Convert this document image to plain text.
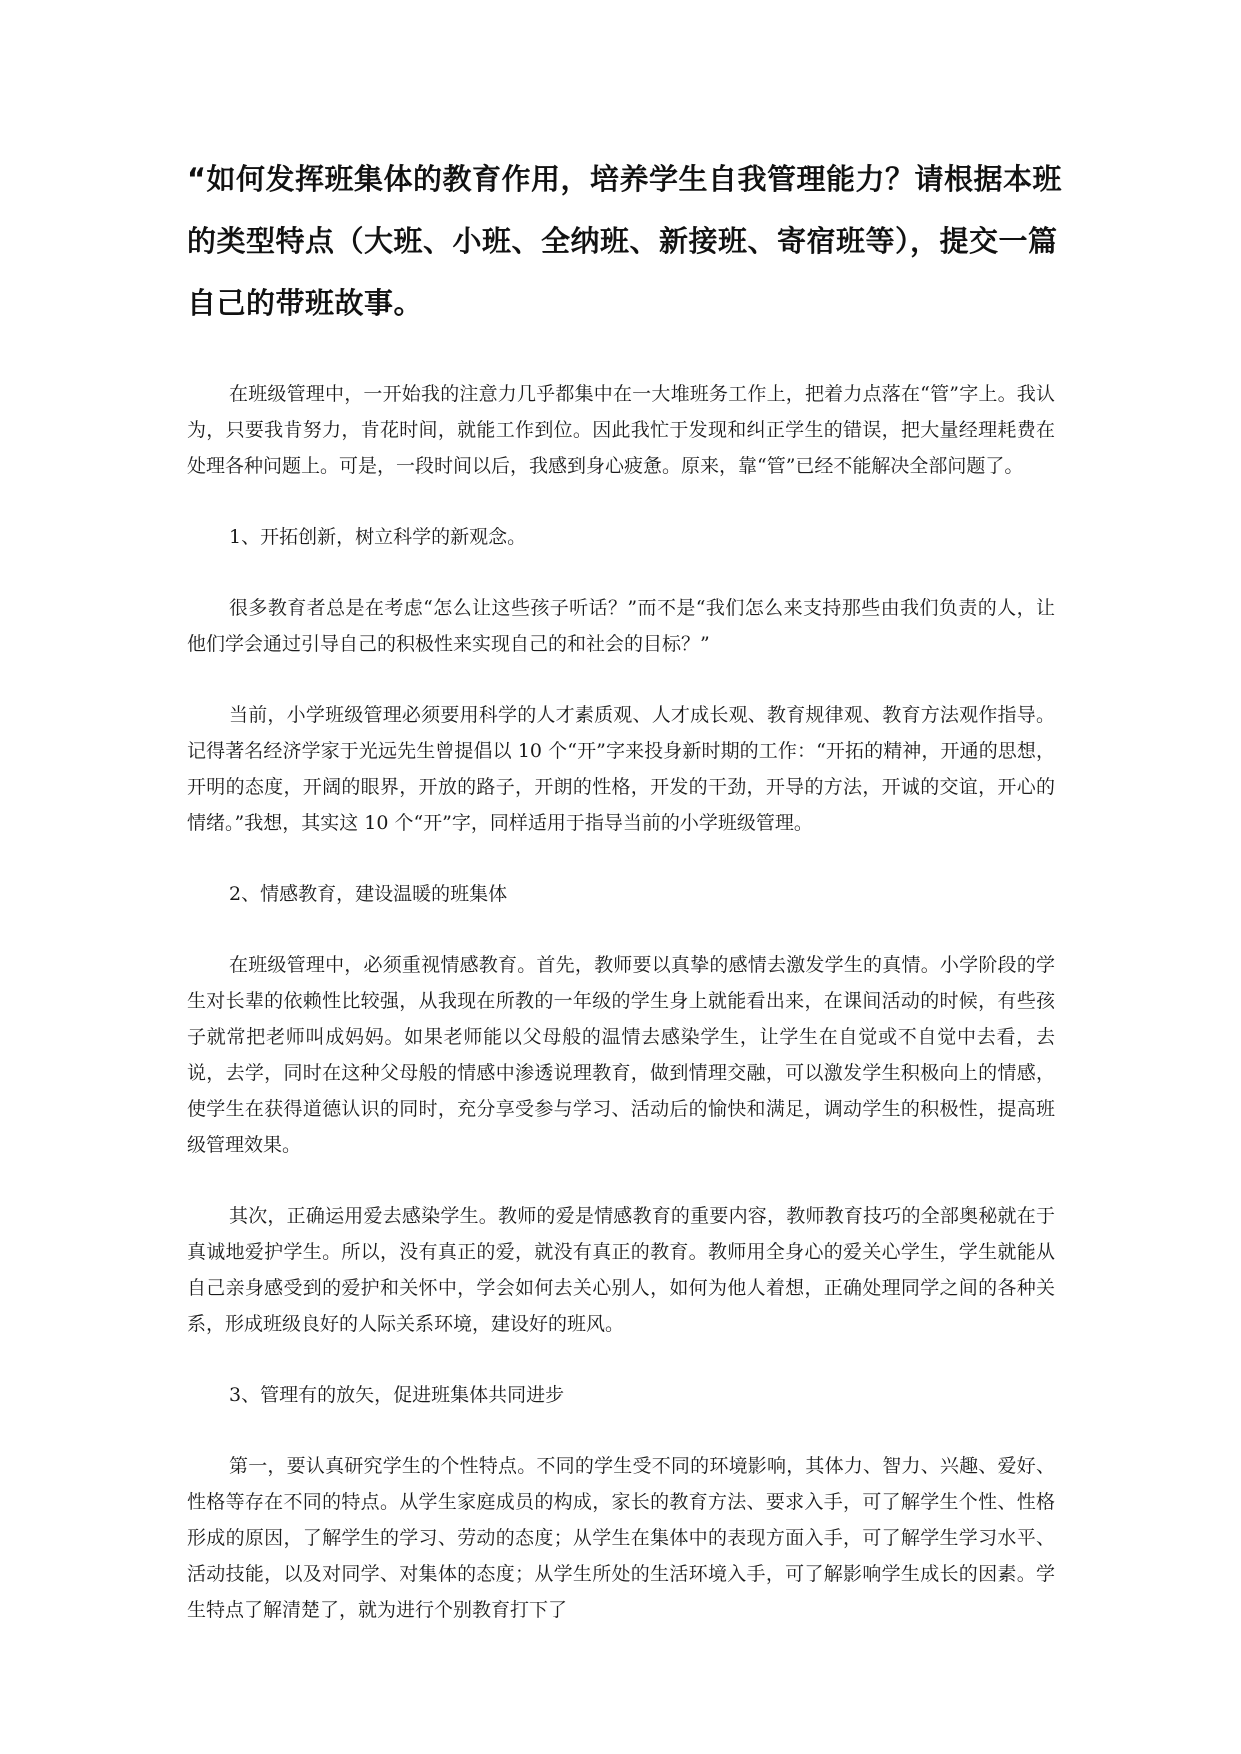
“如何发挥班集体的教育作用，培养学生自我管理能力？请根据本班的类型特点（大班、小班、全纳班、新接班、寄宿班等），提交一篇自己的带班故事。

在班级管理中，一开始我的注意力几乎都集中在一大堆班务工作上，把着力点落在“管”字上。我认为，只要我肯努力，肯花时间，就能工作到位。因此我忙于发现和纠正学生的错误，把大量经理耗费在处理各种问题上。可是，一段时间以后，我感到身心疲惫。原来，靠“管”已经不能解决全部问题了。

1、开拓创新，树立科学的新观念。

很多教育者总是在考虑“怎么让这些孩子听话？”而不是“我们怎么来支持那些由我们负责的人，让他们学会通过引导自己的积极性来实现自己的和社会的目标？”

当前，小学班级管理必须要用科学的人才素质观、人才成长观、教育规律观、教育方法观作指导。记得著名经济学家于光远先生曾提倡以 10 个“开”字来投身新时期的工作：“开拓的精神，开通的思想，开明的态度，开阔的眼界，开放的路子，开朗的性格，开发的干劲，开导的方法，开诚的交谊，开心的情绪。”我想，其实这 10 个“开”字，同样适用于指导当前的小学班级管理。

2、情感教育，建设温暖的班集体

在班级管理中，必须重视情感教育。首先，教师要以真挚的感情去激发学生的真情。小学阶段的学生对长辈的依赖性比较强，从我现在所教的一年级的学生身上就能看出来，在课间活动的时候，有些孩子就常把老师叫成妈妈。如果老师能以父母般的温情去感染学生，让学生在自觉或不自觉中去看，去说，去学，同时在这种父母般的情感中渗透说理教育，做到情理交融，可以激发学生积极向上的情感，使学生在获得道德认识的同时，充分享受参与学习、活动后的愉快和满足，调动学生的积极性，提高班级管理效果。

其次，正确运用爱去感染学生。教师的爱是情感教育的重要内容，教师教育技巧的全部奥秘就在于真诚地爱护学生。所以，没有真正的爱，就没有真正的教育。教师用全身心的爱关心学生，学生就能从自己亲身感受到的爱护和关怀中，学会如何去关心别人，如何为他人着想，正确处理同学之间的各种关系，形成班级良好的人际关系环境，建设好的班风。

3、管理有的放矢，促进班集体共同进步

第一，要认真研究学生的个性特点。不同的学生受不同的环境影响，其体力、智力、兴趣、爱好、性格等存在不同的特点。从学生家庭成员的构成，家长的教育方法、要求入手，可了解学生个性、性格形成的原因，了解学生的学习、劳动的态度；从学生在集体中的表现方面入手，可了解学生学习水平、活动技能，以及对同学、对集体的态度；从学生所处的生活环境入手，可了解影响学生成长的因素。学生特点了解清楚了，就为进行个别教育打下了
